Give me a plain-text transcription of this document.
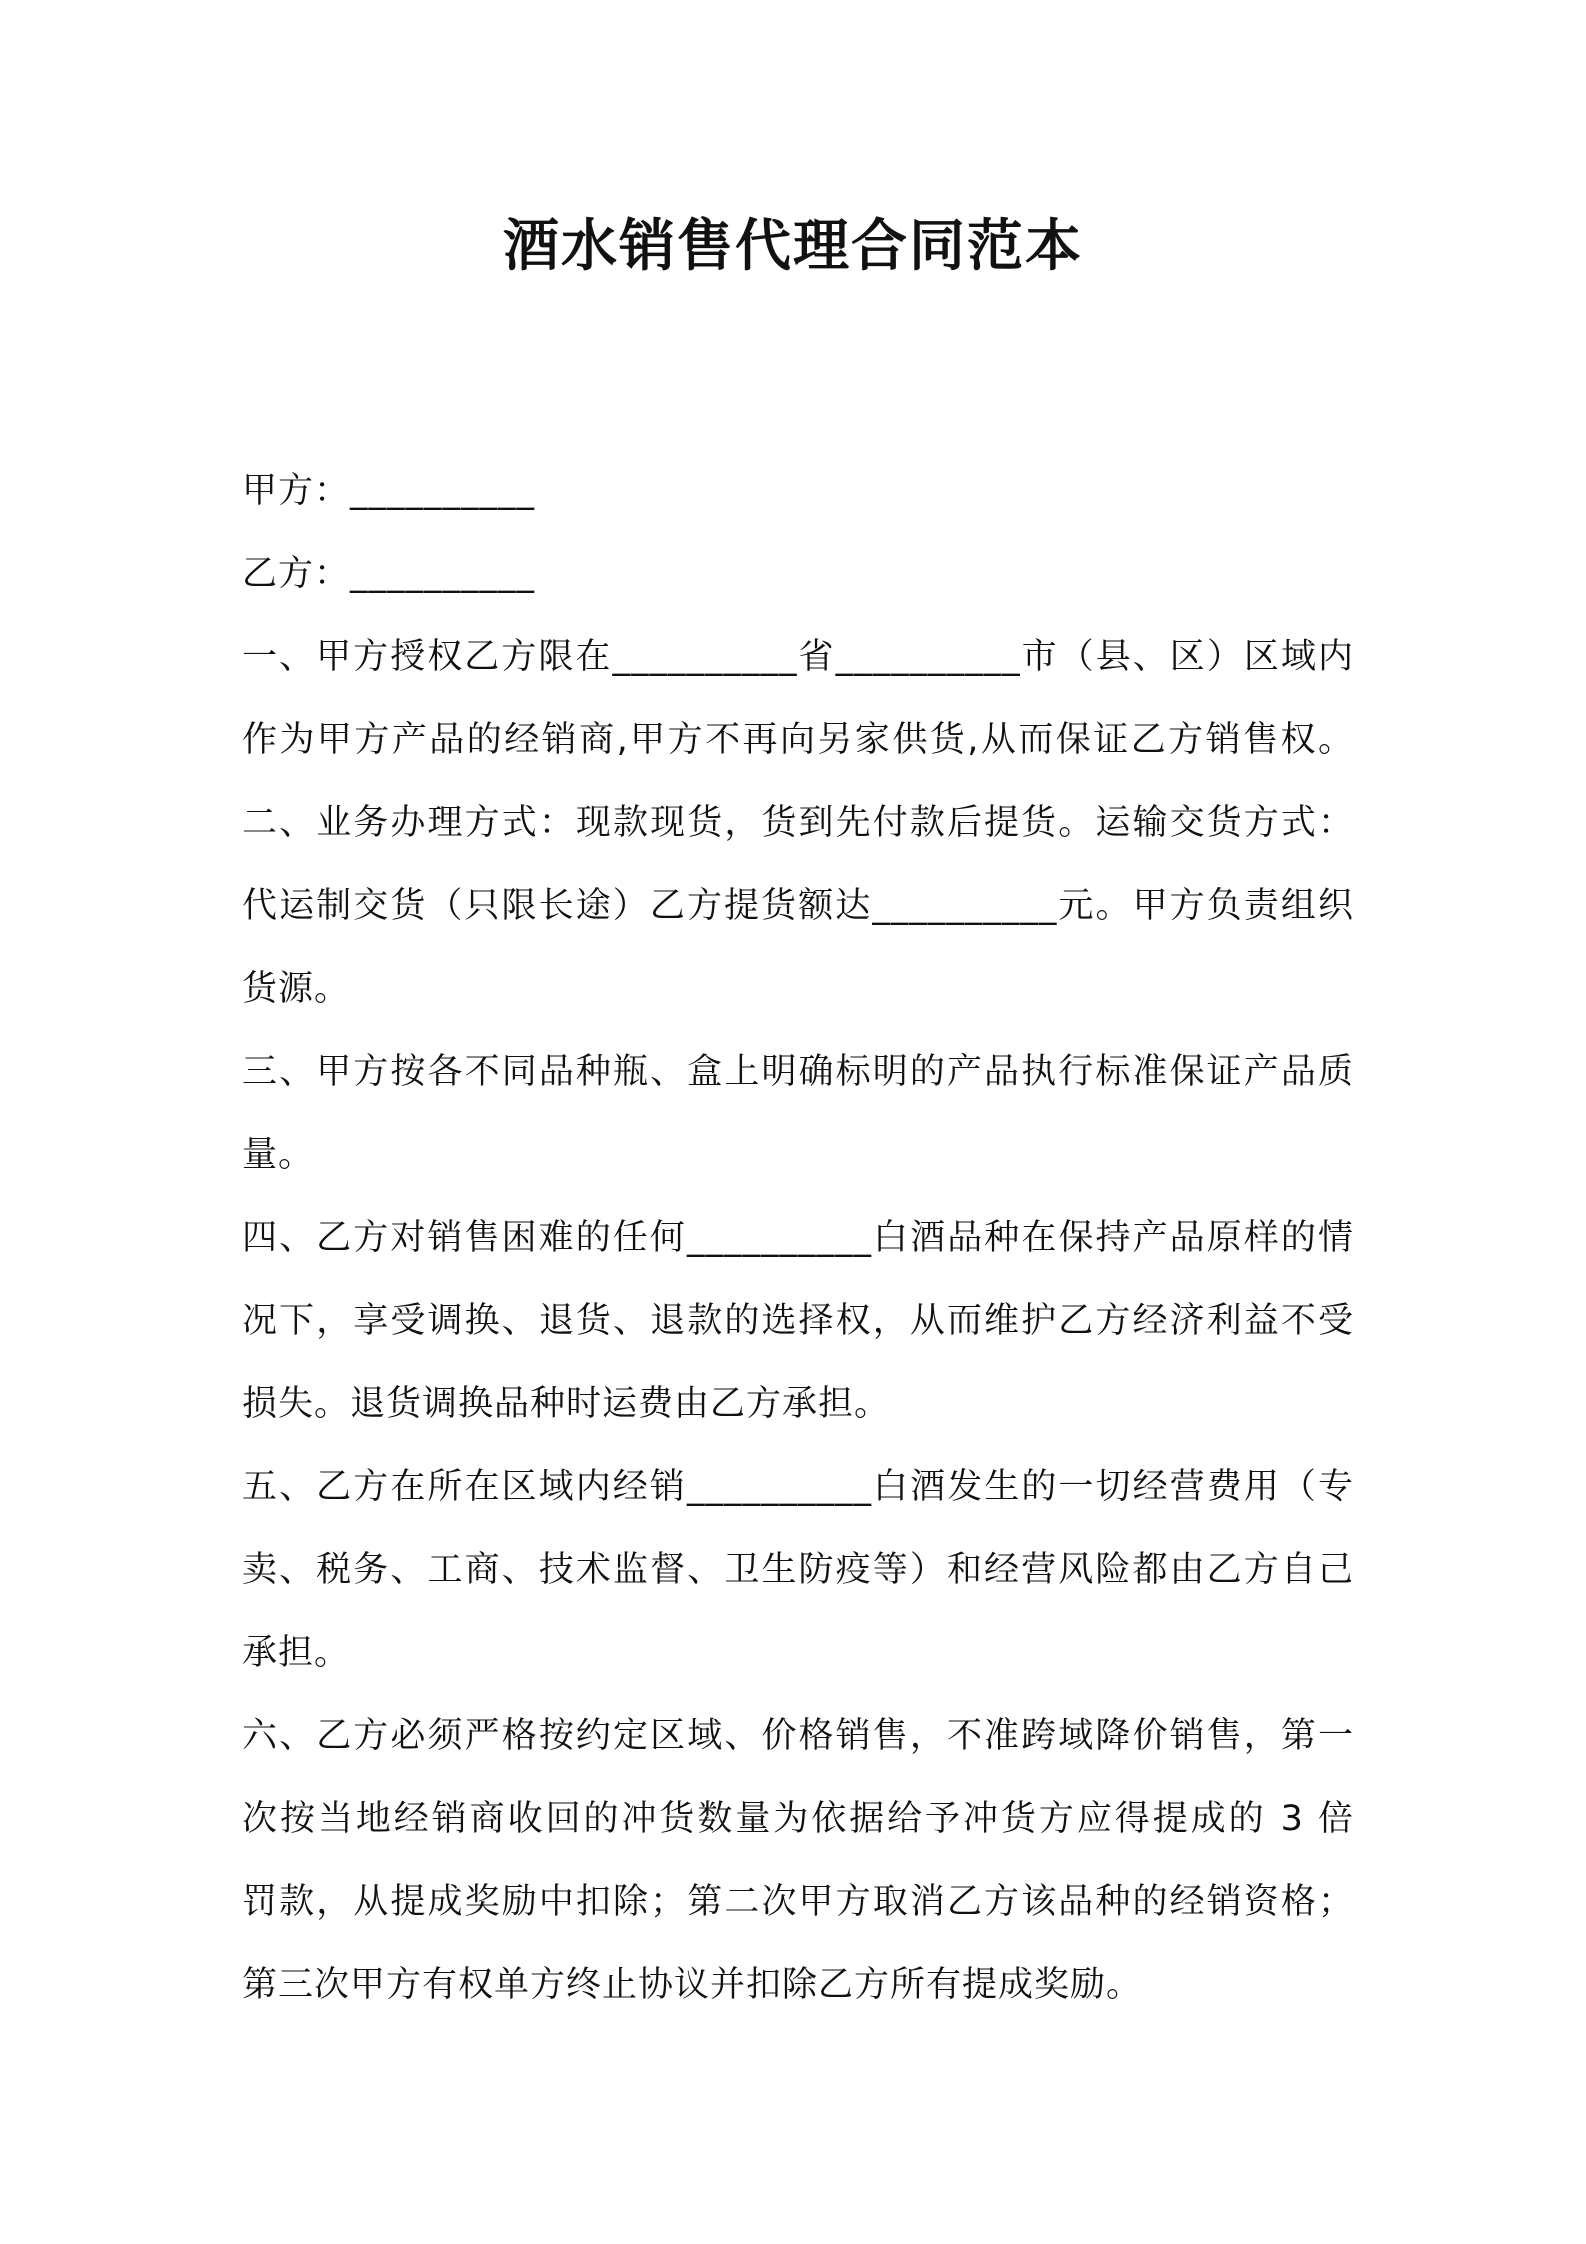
酒水销售代理合同范本
甲方：__________
乙方：__________
一、甲方授权乙方限在__________省__________市（县、区）区域内
作为甲方产品的经销商,甲方不再向另家供货,从而保证乙方销售权。
二、业务办理方式：现款现货，货到先付款后提货。运输交货方式：
代运制交货（只限长途）乙方提货额达__________元。甲方负责组织
货源。
三、甲方按各不同品种瓶、盒上明确标明的产品执行标准保证产品质
量。
四、乙方对销售困难的任何__________白酒品种在保持产品原样的情
况下，享受调换、退货、退款的选择权，从而维护乙方经济利益不受
损失。退货调换品种时运费由乙方承担。
五、乙方在所在区域内经销__________白酒发生的一切经营费用（专
卖、税务、工商、技术监督、卫生防疫等）和经营风险都由乙方自己
承担。
六、乙方必须严格按约定区域、价格销售，不准跨域降价销售，第一
次按当地经销商收回的冲货数量为依据给予冲货方应得提成的 3 倍
罚款，从提成奖励中扣除；第二次甲方取消乙方该品种的经销资格；
第三次甲方有权单方终止协议并扣除乙方所有提成奖励。
